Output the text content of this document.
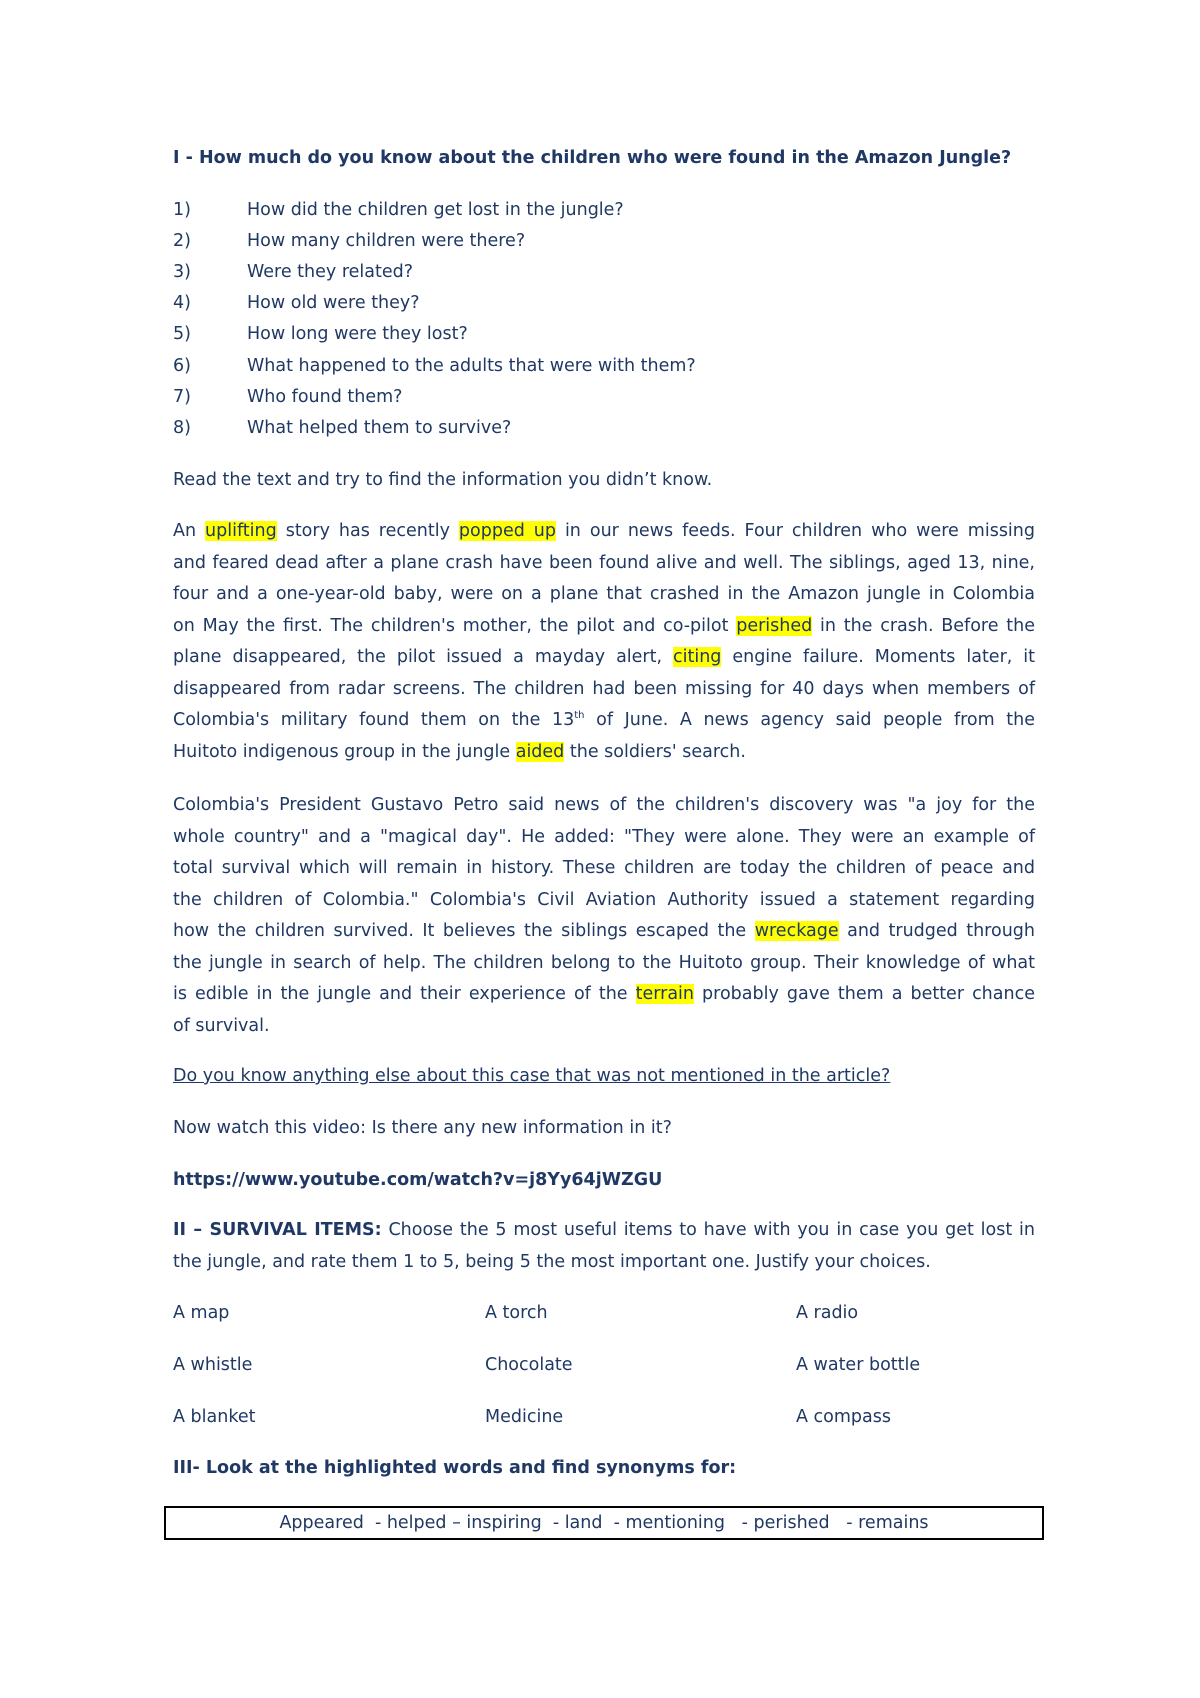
I - How much do you know about the children who were found in the Amazon Jungle?
1)	How did the children get lost in the jungle?
2)	How many children were there?
3)	Were they related?
4)	How old were they?
5)	How long were they lost?
6)	What happened to the adults that were with them?
7)	Who found them?
8)	What helped them to survive?
Read the text and try to find the information you didn’t know.
An uplifting story has recently popped up in our news feeds. Four children who were missing
and feared dead after a plane crash have been found alive and well. The siblings, aged 13, nine,
four and a one-year-old baby, were on a plane that crashed in the Amazon jungle in Colombia
on May the first. The children's mother, the pilot and co-pilot perished in the crash. Before the
plane disappeared, the pilot issued a mayday alert, citing engine failure. Moments later, it
disappeared from radar screens. The children had been missing for 40 days when members of
Colombia's military found them on the 13th of June. A news agency said people from the
Huitoto indigenous group in the jungle aided the soldiers' search.
Colombia's President Gustavo Petro said news of the children's discovery was "a joy for the
whole country" and a "magical day". He added: "They were alone. They were an example of
total survival which will remain in history. These children are today the children of peace and
the children of Colombia." Colombia's Civil Aviation Authority issued a statement regarding
how the children survived. It believes the siblings escaped the wreckage and trudged through
the jungle in search of help. The children belong to the Huitoto group. Their knowledge of what
is edible in the jungle and their experience of the terrain probably gave them a better chance
of survival.
Do you know anything else about this case that was not mentioned in the article?
Now watch this video: Is there any new information in it?
https://www.youtube.com/watch?v=j8Yy64jWZGU
II – SURVIVAL ITEMS: Choose the 5 most useful items to have with you in case you get lost in
the jungle, and rate them 1 to 5, being 5 the most important one. Justify your choices.
A map	A torch	A radio
A whistle	Chocolate	A water bottle
A blanket	Medicine	A compass
III- Look at the highlighted words and find synonyms for:
Appeared  - helped – inspiring  - land  - mentioning   - perished   - remains
